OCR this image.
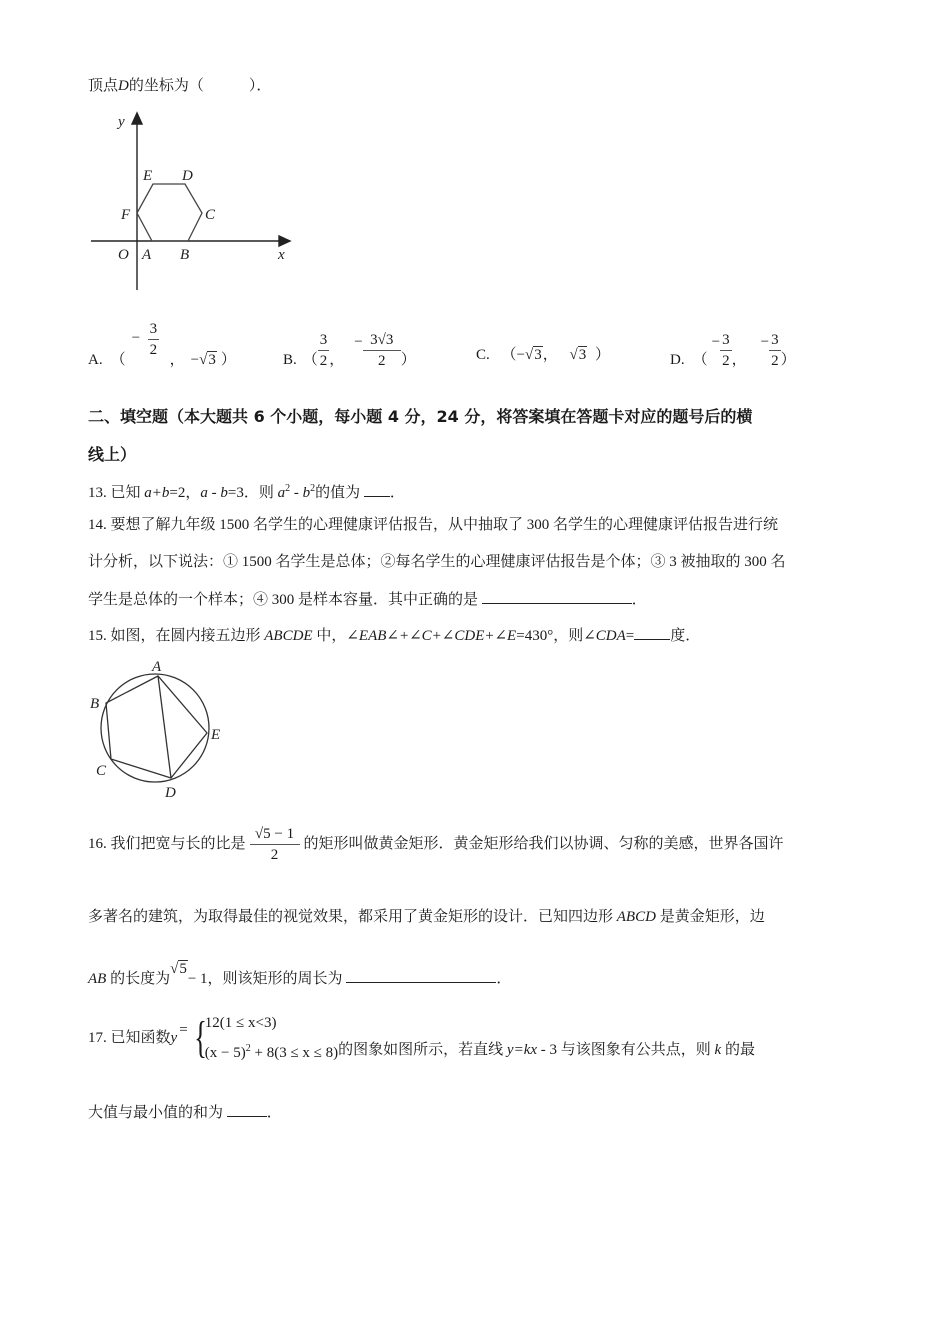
顶点D的坐标为（　　　）．
y
x
O A B
C
D
E
F
A. （
− $\frac{3}{2}$
， − √3 ）	B. （ $\frac{3}{2}$ ，
− $\frac{3√3}{2}$ ）	C. （−√3， √3 ）	D. （
− $\frac{3}{2}$ ，
− $\frac{3}{2}$ ）
二、填空题（本大题共 6 个小题，每小题 4 分，24 分，将答案填在答题卡对应的题号后的横
线上）
13. 已知 a+b=2，a - b=3．则 $a^2 - b^2$的值为 ．
14. 要想了解九年级 1500 名学生的心理健康评估报告，从中抽取了 300 名学生的心理健康评估报告进行统
计分析，以下说法：① 1500 名学生是总体；②每名学生的心理健康评估报告是个体；③ 3 被抽取的 300 名
学生是总体的一个样本；④ 300 是样本容量．其中正确的是	．
15. 如图，在圆内接五边形 ABCDE 中，∠EAB∠+∠C+∠CDE+∠E=430°，则∠CDA= 度．
A
B
C
D
E
16. 我们把宽与长的比是 $\frac{√5 - 1}{2}$ 的矩形叫做黄金矩形．黄金矩形给我们以协调、匀称的美感，世界各国许
多著名的建筑，为取得最佳的视觉效果，都采用了黄金矩形的设计．已知四边形 ABCD 是黄金矩形，边
AB 的长度为√5− 1，则该矩形的周长为	．
17. 已知函数 y = {
12(1 ≤ x<3)
$(x - 5)^2 + 8(3 \le x \le 8)$ 的图象如图所示，若直线 y=kx - 3 与该图象有公共点，则 k 的最
大值与最小值的和为	．
